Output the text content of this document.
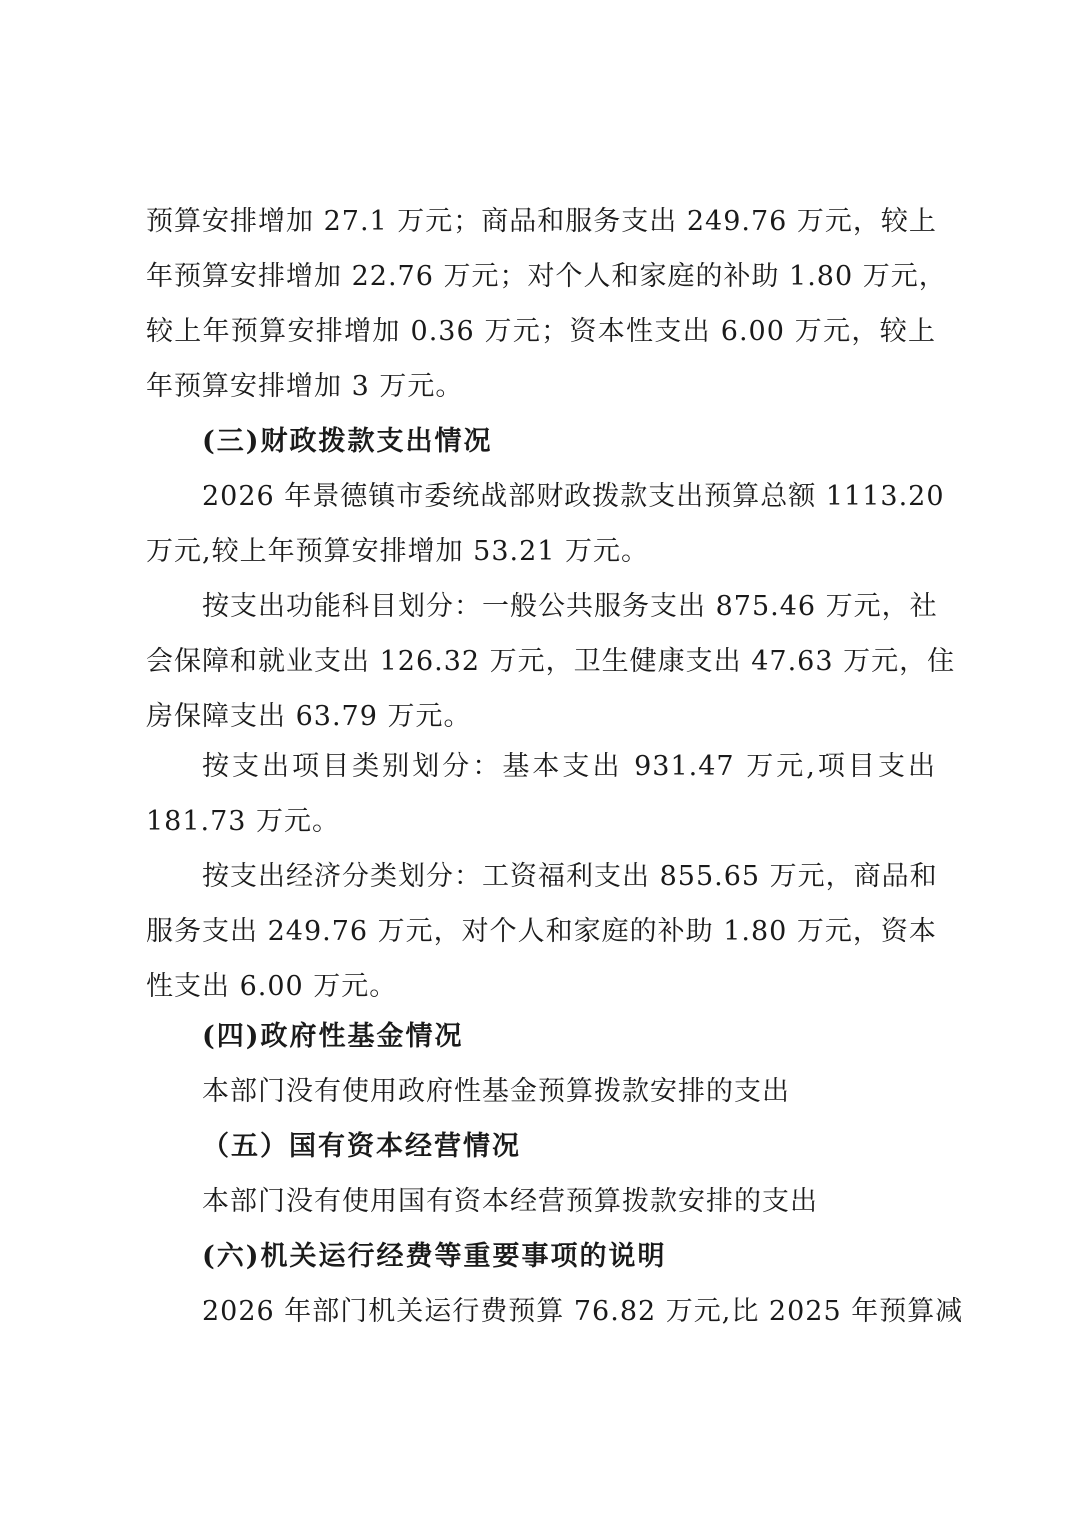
预算安排增加 27.1 万元；商品和服务支出 249.76 万元，较上
年预算安排增加 22.76 万元；对个人和家庭的补助 1.80 万元，
较上年预算安排增加 0.36 万元；资本性支出 6.00 万元，较上
年预算安排增加 3 万元。
(三)财政拨款支出情况
2026 年景德镇市委统战部财政拨款支出预算总额 1113.20
万元,较上年预算安排增加 53.21 万元。
按支出功能科目划分：一般公共服务支出 875.46 万元，社
会保障和就业支出 126.32 万元，卫生健康支出 47.63 万元，住
房保障支出 63.79 万元。
按支出项目类别划分：基本支出 931.47 万元,项目支出
181.73 万元。
按支出经济分类划分：工资福利支出 855.65 万元，商品和
服务支出 249.76 万元，对个人和家庭的补助 1.80 万元，资本
性支出 6.00 万元。
(四)政府性基金情况
本部门没有使用政府性基金预算拨款安排的支出
（五）国有资本经营情况
本部门没有使用国有资本经营预算拨款安排的支出
(六)机关运行经费等重要事项的说明
2026 年部门机关运行费预算 76.82 万元,比 2025 年预算减
